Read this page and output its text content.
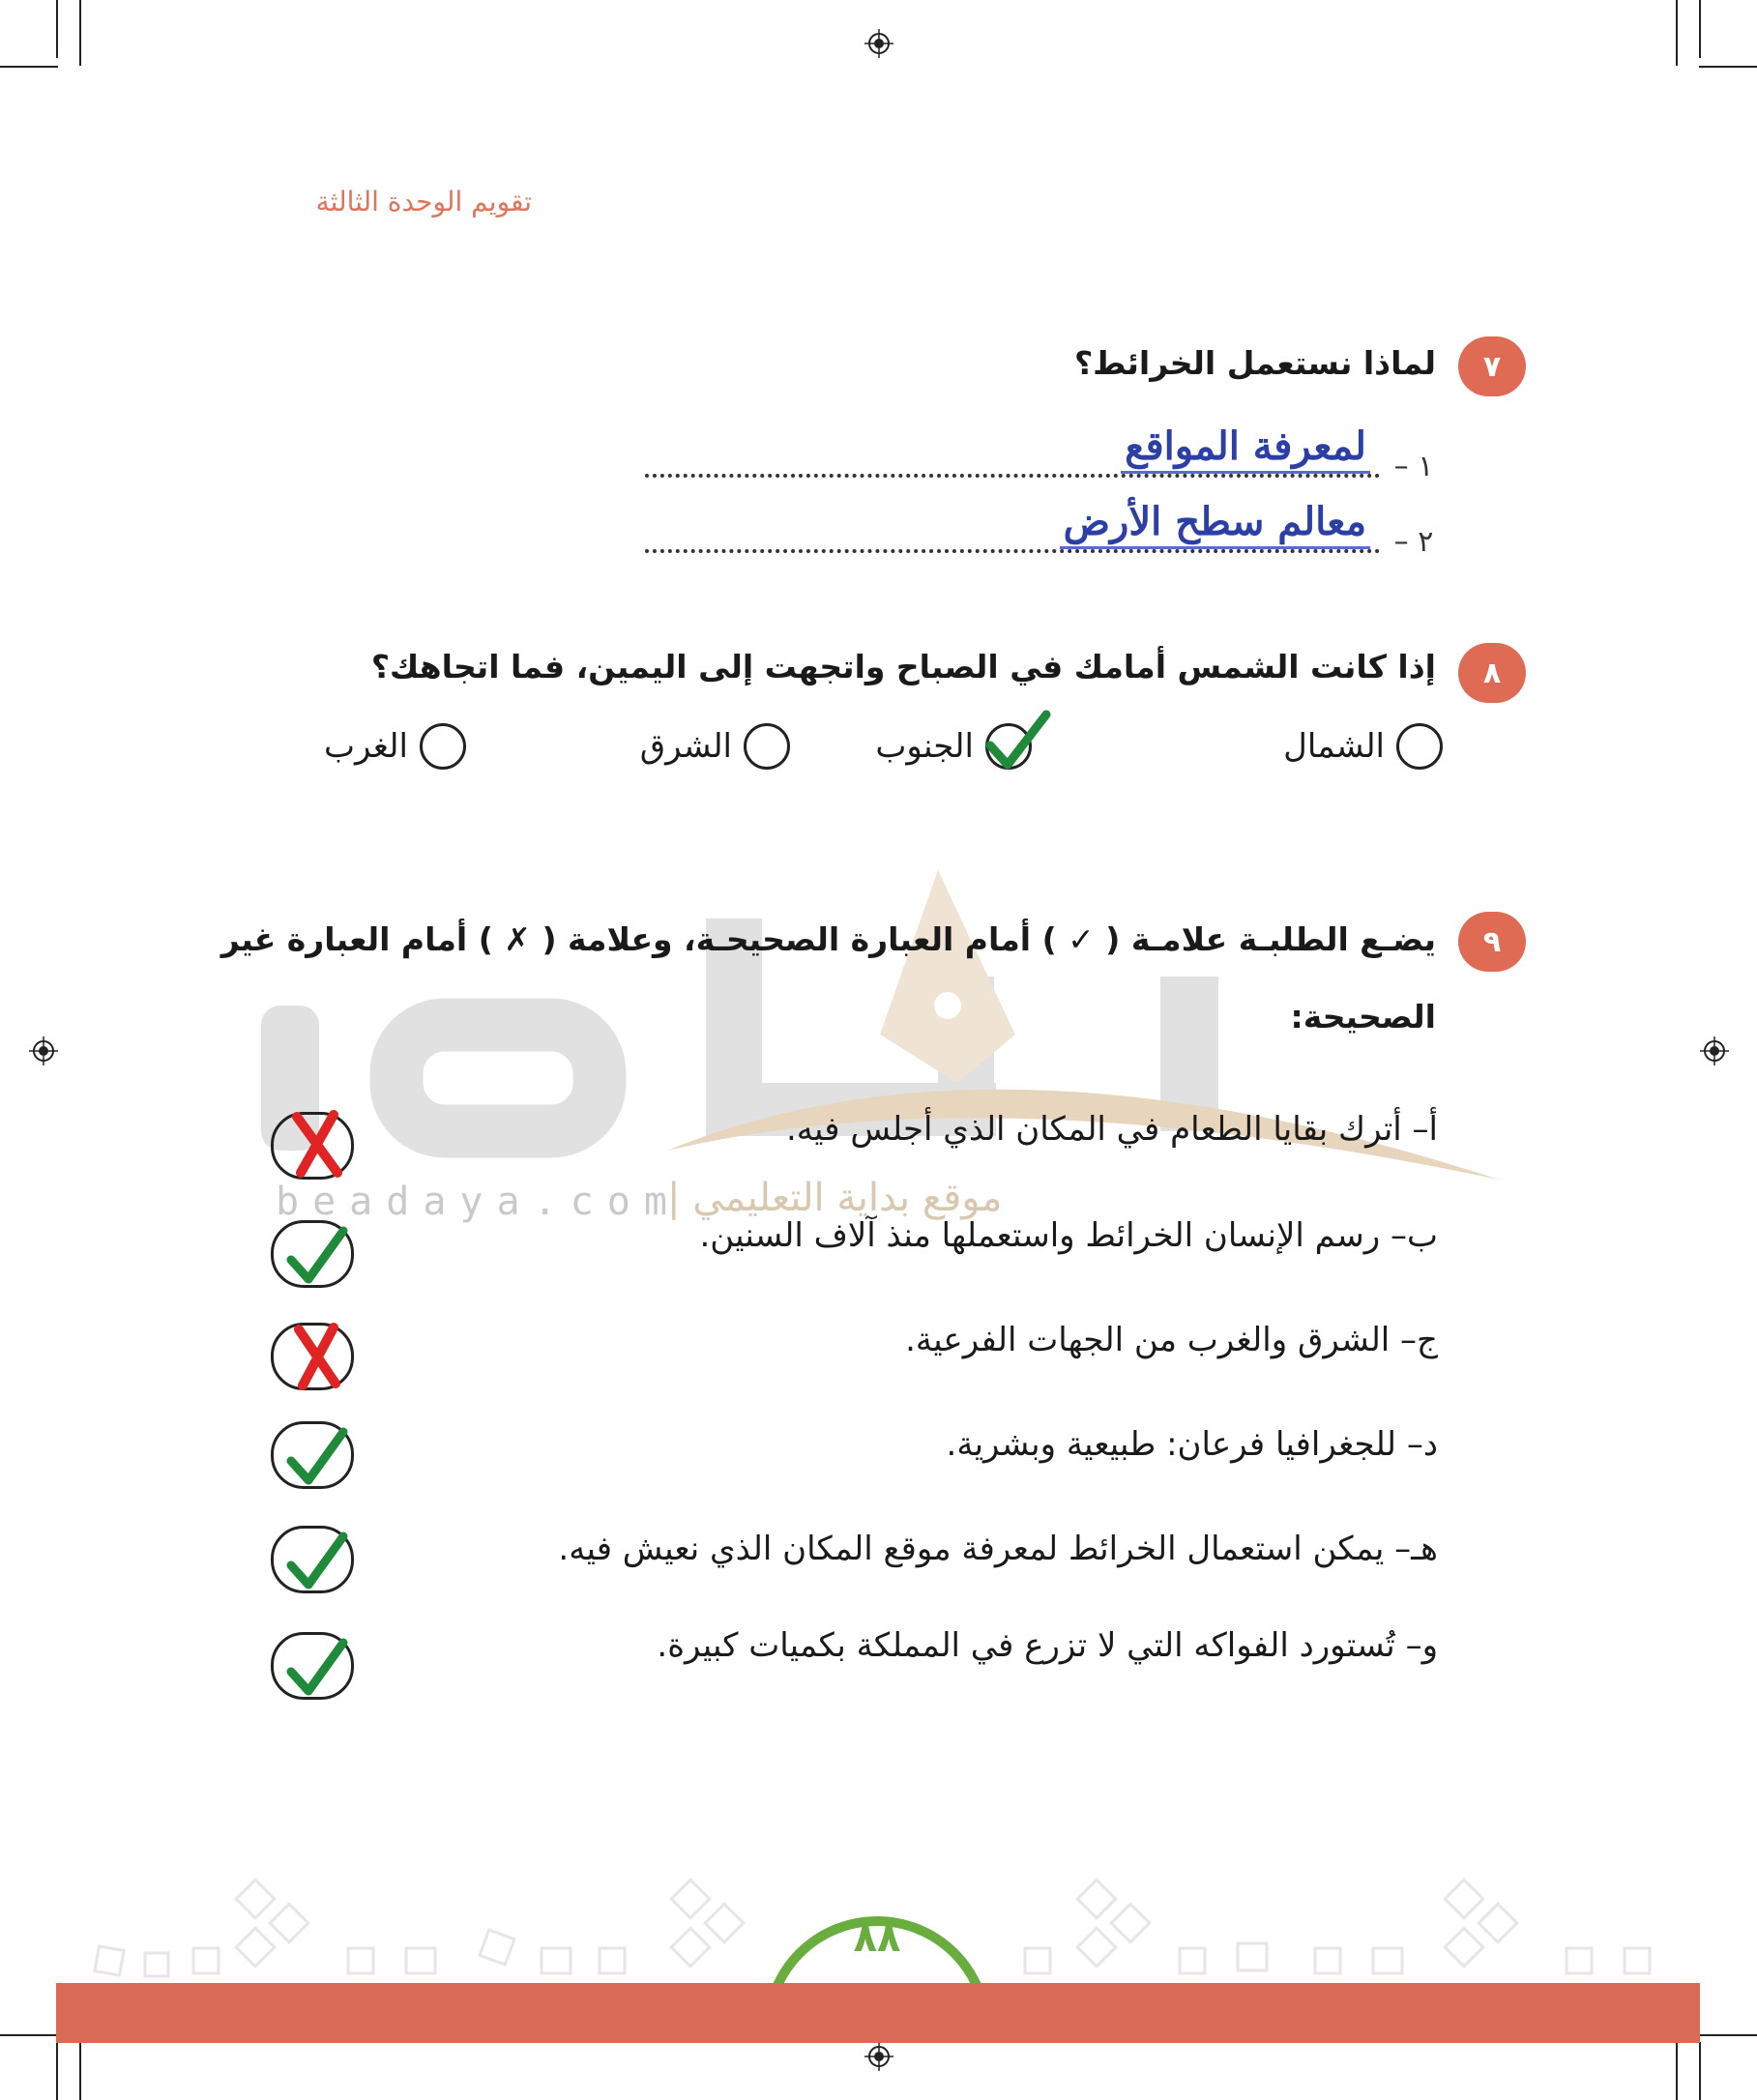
تقويم الوحدة الثالثة
beadaya.com
موقع بداية التعليمي |
٧
لماذا نستعمل الخرائط؟
١ –
لمعرفة المواقع
٢ –
معالم سطح الأرض
٨
إذا كانت الشمس أمامك في الصباح واتجهت إلى اليمين، فما اتجاهك؟
الشمال
الجنوب
الشرق
الغرب
٩
يضـع الطلبـة علامـة ( ✓ ) أمام العبارة الصحيحـة، وعلامة ( ✗ ) أمام العبارة غير
الصحيحة:
أ– أترك بقايا الطعام في المكان الذي أجلس فيه.
ب– رسم الإنسان الخرائط واستعملها منذ آلاف السنين.
ج– الشرق والغرب من الجهات الفرعية.
د– للجغرافيا فرعان: طبيعية وبشرية.
هـ– يمكن استعمال الخرائط لمعرفة موقع المكان الذي نعيش فيه.
و– تُستورد الفواكه التي لا تزرع في المملكة بكميات كبيرة.
٨٨
